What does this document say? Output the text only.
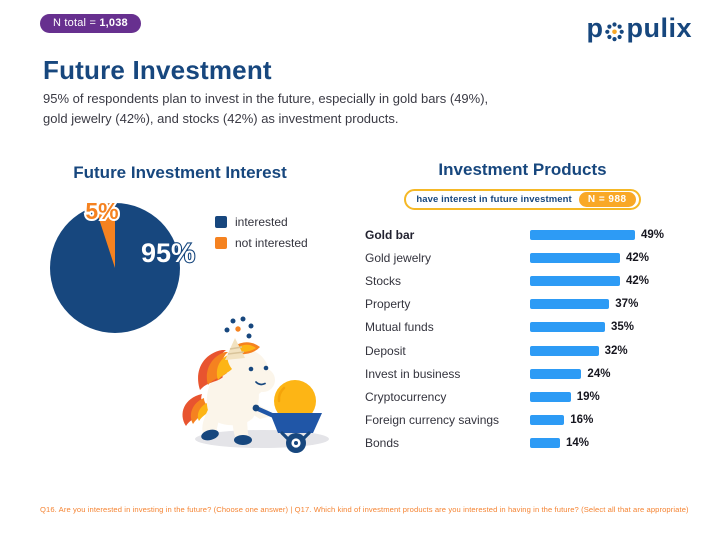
N total = 1,038	p pulix
Future Investment
95% of respondents plan to invest in the future, especially in gold bars (49%),
gold jewelry (42%), and stocks (42%) as investment products.
Future Investment Interest
5%
95%
interested
not interested
Investment Products
have interest in future investment	N = 988
Gold bar	49%
Gold jewelry	42%
Stocks	42%
Property	37%
Mutual funds	35%
Deposit	32%
Invest in business	24%
Cryptocurrency	19%
Foreign currency savings	16%
Bonds	14%
Q16. Are you interested in investing in the future? (Choose one answer) | Q17. Which kind of investment products are you interested in having in the future? (Select all that are appropriate)
